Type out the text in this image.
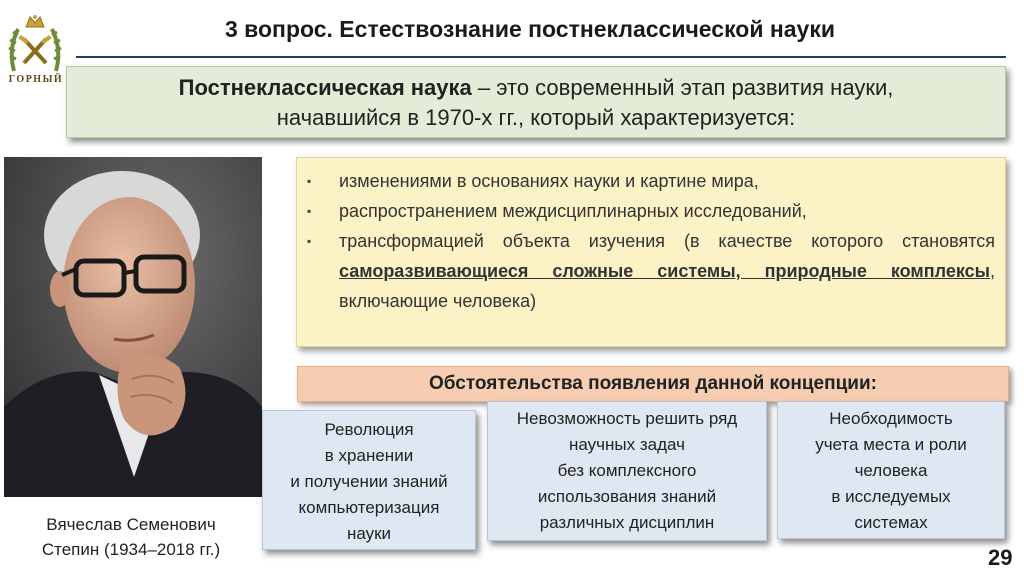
ГОРНЫЙ
3 вопрос. Естествознание постнеклассической науки
Постнеклассическая наука – это современный этап развития науки,
начавшийся в 1970-х гг., который характеризуется:
Вячеслав Семенович
Степин (1934–2018 гг.)
▪	изменениями в основаниях науки и картине мира,
▪	распространением междисциплинарных исследований,
▪	трансформацией объекта изучения (в качестве которого становятся саморазвивающиеся сложные системы, природные комплексы, включающие человека)
Обстоятельства появления данной концепции:
Революция
в хранении
и получении знаний
компьютеризация
науки
Невозможность решить ряд
научных задач
без комплексного
использования знаний
различных дисциплин
Необходимость
учета места и роли
человека
в исследуемых
системах
29
